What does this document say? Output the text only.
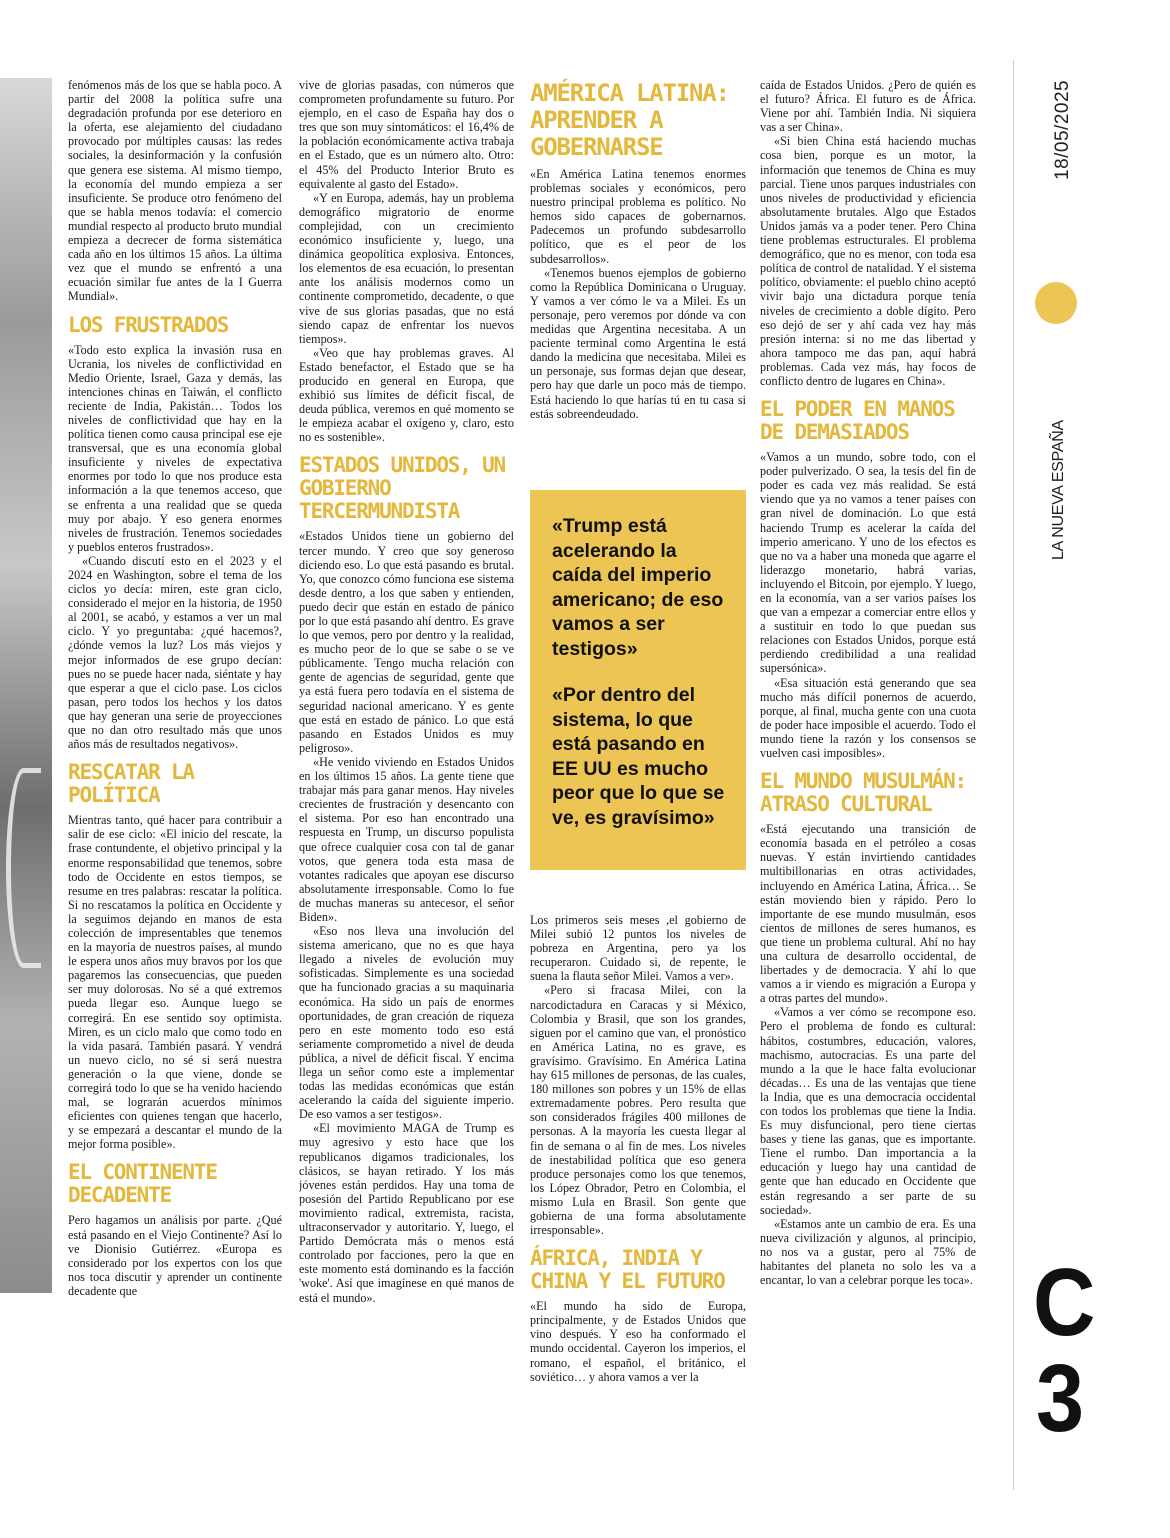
fenómenos más de los que se habla poco. A partir del 2008 la política sufre una degradación profunda por ese deterioro en la oferta, ese alejamiento del ciudadano provocado por múltiples causas: las redes sociales, la desinformación y la confusión que genera ese sistema. Al mismo tiempo, la economía del mundo empieza a ser insuficiente. Se produce otro fenómeno del que se habla menos todavía: el comercio mundial respecto al producto bruto mundial empieza a decrecer de forma sistemática cada año en los últimos 15 años. La última vez que el mundo se enfrentó a una ecuación similar fue antes de la I Guerra Mundial».

LOS FRUSTRADOS

«Todo esto explica la invasión rusa en Ucrania, los niveles de conflictividad en Medio Oriente, Israel, Gaza y demás, las intenciones chinas en Taiwán, el conflicto reciente de India, Pakistán… Todos los niveles de conflictividad que hay en la política tienen como causa principal ese eje transversal, que es una economía global insuficiente y niveles de expectativa enormes por todo lo que nos produce esta información a la que tenemos acceso, que se enfrenta a una realidad que se queda muy por abajo. Y eso genera enormes niveles de frustración. Tenemos sociedades y pueblos enteros frustrados».

«Cuando discutí esto en el 2023 y el 2024 en Washington, sobre el tema de los ciclos yo decía: miren, este gran ciclo, considerado el mejor en la historia, de 1950 al 2001, se acabó, y estamos a ver un mal ciclo. Y yo preguntaba: ¿qué hacemos?, ¿dónde vemos la luz? Los más viejos y mejor informados de ese grupo decían: pues no se puede hacer nada, siéntate y hay que esperar a que el ciclo pase. Los ciclos pasan, pero todos los hechos y los datos que hay generan una serie de proyecciones que no dan otro resultado más que unos años más de resultados negativos».

RESCATAR LA POLÍTICA

Mientras tanto, qué hacer para contribuir a salir de ese ciclo: «El inicio del rescate, la frase contundente, el objetivo principal y la enorme responsabilidad que tenemos, sobre todo de Occidente en estos tiempos, se resume en tres palabras: rescatar la política. Si no rescatamos la política en Occidente y la seguimos dejando en manos de esta colección de impresentables que tenemos en la mayoría de nuestros países, al mundo le espera unos años muy bravos por los que pagaremos las consecuencias, que pueden ser muy dolorosas. No sé a qué extremos pueda llegar eso. Aunque luego se corregirá. En ese sentido soy optimista. Miren, es un ciclo malo que como todo en la vida pasará. También pasará. Y vendrá un nuevo ciclo, no sé si será nuestra generación o la que viene, donde se corregirá todo lo que se ha venido haciendo mal, se lograrán acuerdos mínimos eficientes con quienes tengan que hacerlo, y se empezará a descantar el mundo de la mejor forma posible».

EL CONTINENTE DECADENTE

Pero hagamos un análisis por parte. ¿Qué está pasando en el Viejo Continente? Así lo ve Dionisio Gutiérrez. «Europa es considerado por los expertos con los que nos toca discutir y aprender un continente decadente que

vive de glorias pasadas, con números que comprometen profundamente su futuro. Por ejemplo, en el caso de España hay dos o tres que son muy sintomáticos: el 16,4% de la población económicamente activa trabaja en el Estado, que es un número alto. Otro: el 45% del Producto Interior Bruto es equivalente al gasto del Estado».

«Y en Europa, además, hay un problema demográfico migratorio de enorme complejidad, con un crecimiento económico insuficiente y, luego, una dinámica geopolítica explosiva. Entonces, los elementos de esa ecuación, lo presentan ante los análisis modernos como un continente comprometido, decadente, o que vive de sus glorias pasadas, que no está siendo capaz de enfrentar los nuevos tiempos».

«Veo que hay problemas graves. Al Estado benefactor, el Estado que se ha producido en general en Europa, que exhibió sus límites de déficit fiscal, de deuda pública, veremos en qué momento se le empieza acabar el oxígeno y, claro, esto no es sostenible».

ESTADOS UNIDOS, UN GOBIERNO TERCERMUNDISTA

«Estados Unidos tiene un gobierno del tercer mundo. Y creo que soy generoso diciendo eso. Lo que está pasando es brutal. Yo, que conozco cómo funciona ese sistema desde dentro, a los que saben y entienden, puedo decir que están en estado de pánico por lo que está pasando ahí dentro. Es grave lo que vemos, pero por dentro y la realidad, es mucho peor de lo que se sabe o se ve públicamente. Tengo mucha relación con gente de agencias de seguridad, gente que ya está fuera pero todavía en el sistema de seguridad nacional americano. Y es gente que está en estado de pánico. Lo que está pasando en Estados Unidos es muy peligroso».

«He venido viviendo en Estados Unidos en los últimos 15 años. La gente tiene que trabajar más para ganar menos. Hay niveles crecientes de frustración y desencanto con el sistema. Por eso han encontrado una respuesta en Trump, un discurso populista que ofrece cualquier cosa con tal de ganar votos, que genera toda esta masa de votantes radicales que apoyan ese discurso absolutamente irresponsable. Como lo fue de muchas maneras su antecesor, el señor Biden».

«Eso nos lleva una involución del sistema americano, que no es que haya llegado a niveles de evolución muy sofisticadas. Simplemente es una sociedad que ha funcionado gracias a su maquinaria económica. Ha sido un país de enormes oportunidades, de gran creación de riqueza pero en este momento todo eso está seriamente comprometido a nivel de deuda pública, a nivel de déficit fiscal. Y encima llega un señor como este a implementar todas las medidas económicas que están acelerando la caída del siguiente imperio. De eso vamos a ser testigos».

«El movimiento MAGA de Trump es muy agresivo y esto hace que los republicanos digamos tradicionales, los clásicos, se hayan retirado. Y los más jóvenes están perdidos. Hay una toma de posesión del Partido Republicano por ese movimiento radical, extremista, racista, ultraconservador y autoritario. Y, luego, el Partido Demócrata más o menos está controlado por facciones, pero la que en este momento está dominando es la facción 'woke'. Así que imagínese en qué manos de está el mundo».

AMÉRICA LATINA: APRENDER A GOBERNARSE

«En América Latina tenemos enormes problemas sociales y económicos, pero nuestro principal problema es político. No hemos sido capaces de gobernarnos. Padecemos un profundo subdesarrollo político, que es el peor de los subdesarrollos».

«Tenemos buenos ejemplos de gobierno como la República Dominicana o Uruguay. Y vamos a ver cómo le va a Milei. Es un personaje, pero veremos por dónde va con medidas que Argentina necesitaba. A un paciente terminal como Argentina le está dando la medicina que necesitaba. Milei es un personaje, sus formas dejan que desear, pero hay que darle un poco más de tiempo. Está haciendo lo que harías tú en tu casa si estás sobreendeudado.

«Trump está acelerando la caída del imperio americano; de eso vamos a ser testigos»

«Por dentro del sistema, lo que está pasando en EE UU es mucho peor que lo que se ve, es gravísimo»

Los primeros seis meses ,el gobierno de Milei subió 12 puntos los niveles de pobreza en Argentina, pero ya los recuperaron. Cuidado si, de repente, le suena la flauta señor Milei. Vamos a ver».

«Pero si fracasa Milei, con la narcodictadura en Caracas y si México, Colombia y Brasil, que son los grandes, siguen por el camino que van, el pronóstico en América Latina, no es grave, es gravísimo. Gravísimo. En América Latina hay 615 millones de personas, de las cuales, 180 millones son pobres y un 15% de ellas extremadamente pobres. Pero resulta que son considerados frágiles 400 millones de personas. A la mayoría les cuesta llegar al fin de semana o al fin de mes. Los niveles de inestabilidad política que eso genera produce personajes como los que tenemos, los López Obrador, Petro en Colombia, el mismo Lula en Brasil. Son gente que gobierna de una forma absolutamente irresponsable».

ÁFRICA, INDIA Y CHINA Y EL FUTURO

«El mundo ha sido de Europa, principalmente, y de Estados Unidos que vino después. Y eso ha conformado el mundo occidental. Cayeron los imperios, el romano, el español, el británico, el soviético… y ahora vamos a ver la

caída de Estados Unidos. ¿Pero de quién es el futuro? África. El futuro es de África. Viene por ahí. También India. Ni siquiera vas a ser China».

«Si bien China está haciendo muchas cosa bien, porque es un motor, la información que tenemos de China es muy parcial. Tiene unos parques industriales con unos niveles de productividad y eficiencia absolutamente brutales. Algo que Estados Unidos jamás va a poder tener. Pero China tiene problemas estructurales. El problema demográfico, que no es menor, con toda esa política de control de natalidad. Y el sistema político, obviamente: el pueblo chino aceptó vivir bajo una dictadura porque tenía niveles de crecimiento a doble dígito. Pero eso dejó de ser y ahí cada vez hay más presión interna: si no me das libertad y ahora tampoco me das pan, aquí habrá problemas. Cada vez más, hay focos de conflicto dentro de lugares en China».

EL PODER EN MANOS DE DEMASIADOS

«Vamos a un mundo, sobre todo, con el poder pulverizado. O sea, la tesis del fin de poder es cada vez más realidad. Se está viendo que ya no vamos a tener países con gran nivel de dominación. Lo que está haciendo Trump es acelerar la caída del imperio americano. Y uno de los efectos es que no va a haber una moneda que agarre el liderazgo monetario, habrá varias, incluyendo el Bitcoin, por ejemplo. Y luego, en la economía, van a ser varios países los que van a empezar a comerciar entre ellos y a sustituir en todo lo que puedan sus relaciones con Estados Unidos, porque está perdiendo credibilidad a una realidad supersónica».

«Esa situación está generando que sea mucho más difícil ponernos de acuerdo, porque, al final, mucha gente con una cuota de poder hace imposible el acuerdo. Todo el mundo tiene la razón y los consensos se vuelven casi imposibles».

EL MUNDO MUSULMÁN: ATRASO CULTURAL

«Está ejecutando una transición de economía basada en el petróleo a cosas nuevas. Y están invirtiendo cantidades multibillonarias en otras actividades, incluyendo en América Latina, África… Se están moviendo bien y rápido. Pero lo importante de ese mundo musulmán, esos cientos de millones de seres humanos, es que tiene un problema cultural. Ahí no hay una cultura de desarrollo occidental, de libertades y de democracia. Y ahí lo que vamos a ir viendo es migración a Europa y a otras partes del mundo».

«Vamos a ver cómo se recompone eso. Pero el problema de fondo es cultural: hábitos, costumbres, educación, valores, machismo, autocracias. Es una parte del mundo a la que le hace falta evolucionar décadas… Es una de las ventajas que tiene la India, que es una democracia occidental con todos los problemas que tiene la India. Es muy disfuncional, pero tiene ciertas bases y tiene las ganas, que es importante. Tiene el rumbo. Dan importancia a la educación y luego hay una cantidad de gente que han educado en Occidente que están regresando a ser parte de su sociedad».

«Estamos ante un cambio de era. Es una nueva civilización y algunos, al principio, no nos va a gustar, pero al 75% de habitantes del planeta no solo les va a encantar, lo van a celebrar porque les toca».

18/05/2025
LA NUEVA ESPAÑA
C
3
